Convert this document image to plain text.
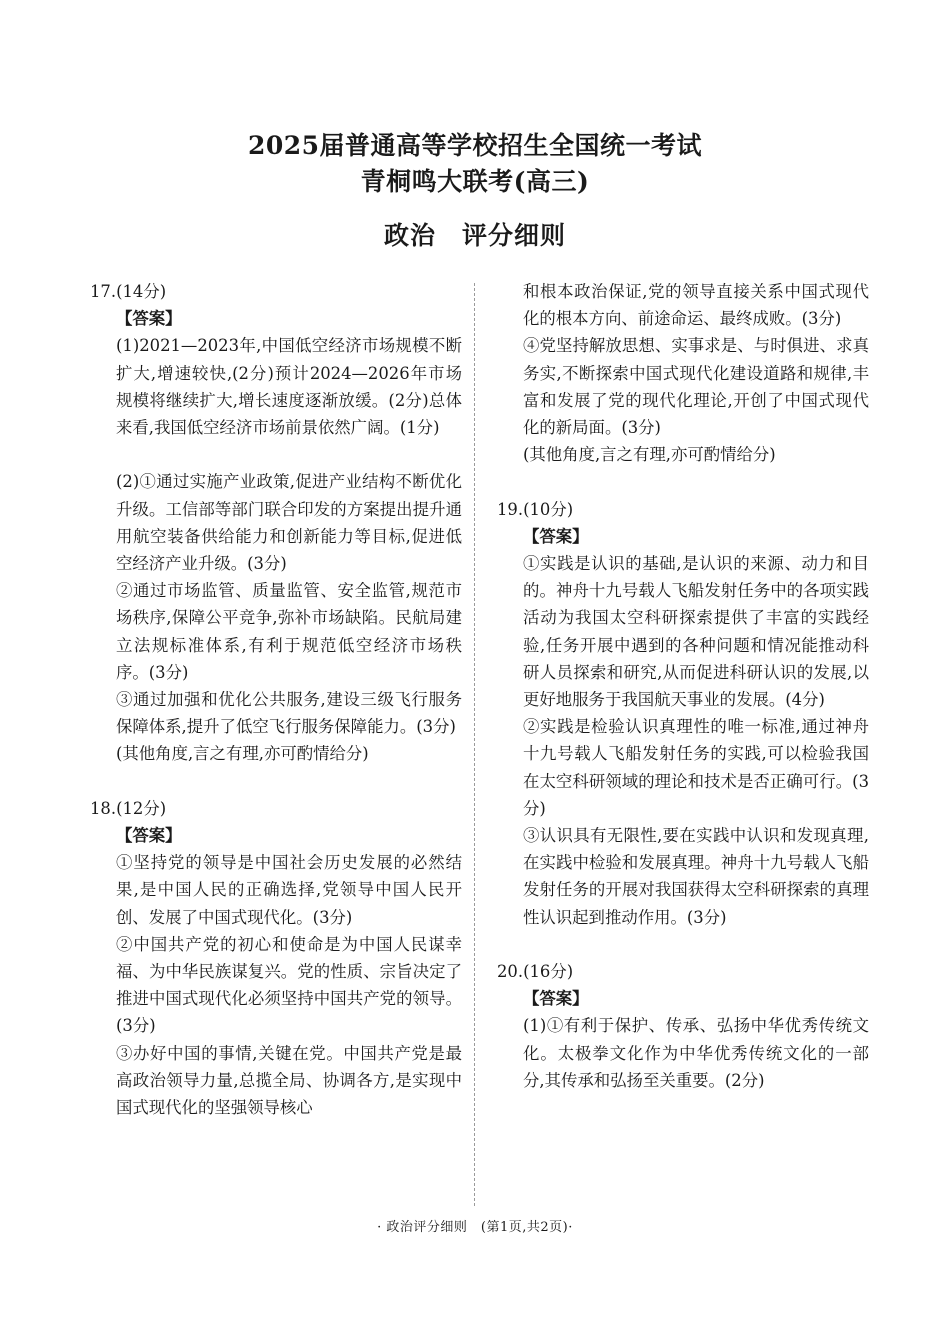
2025届普通高等学校招生全国统一考试
青桐鸣大联考(高三)
政治　评分细则

17.(14分)

【答案】

(1)2021—2023年,中国低空经济市场规模不断扩大,增速较快,(2分)预计2024—2026年市场规模将继续扩大,增长速度逐渐放缓。(2分)总体来看,我国低空经济市场前景依然广阔。(1分)

(2)①通过实施产业政策,促进产业结构不断优化升级。工信部等部门联合印发的方案提出提升通用航空装备供给能力和创新能力等目标,促进低空经济产业升级。(3分)

②通过市场监管、质量监管、安全监管,规范市场秩序,保障公平竞争,弥补市场缺陷。民航局建立法规标准体系,有利于规范低空经济市场秩序。(3分)

③通过加强和优化公共服务,建设三级飞行服务保障体系,提升了低空飞行服务保障能力。(3分)

(其他角度,言之有理,亦可酌情给分)

18.(12分)

【答案】

①坚持党的领导是中国社会历史发展的必然结果,是中国人民的正确选择,党领导中国人民开创、发展了中国式现代化。(3分)

②中国共产党的初心和使命是为中国人民谋幸福、为中华民族谋复兴。党的性质、宗旨决定了推进中国式现代化必须坚持中国共产党的领导。(3分)

③办好中国的事情,关键在党。中国共产党是最高政治领导力量,总揽全局、协调各方,是实现中国式现代化的坚强领导核心

和根本政治保证,党的领导直接关系中国式现代化的根本方向、前途命运、最终成败。(3分)

④党坚持解放思想、实事求是、与时俱进、求真务实,不断探索中国式现代化建设道路和规律,丰富和发展了党的现代化理论,开创了中国式现代化的新局面。(3分)

(其他角度,言之有理,亦可酌情给分)

19.(10分)

【答案】

①实践是认识的基础,是认识的来源、动力和目的。神舟十九号载人飞船发射任务中的各项实践活动为我国太空科研探索提供了丰富的实践经验,任务开展中遇到的各种问题和情况能推动科研人员探索和研究,从而促进科研认识的发展,以更好地服务于我国航天事业的发展。(4分)

②实践是检验认识真理性的唯一标准,通过神舟十九号载人飞船发射任务的实践,可以检验我国在太空科研领域的理论和技术是否正确可行。(3分)

③认识具有无限性,要在实践中认识和发现真理,在实践中检验和发展真理。神舟十九号载人飞船发射任务的开展对我国获得太空科研探索的真理性认识起到推动作用。(3分)

20.(16分)

【答案】

(1)①有利于保护、传承、弘扬中华优秀传统文化。太极拳文化作为中华优秀传统文化的一部分,其传承和弘扬至关重要。(2分)

· 政治评分细则　(第1页,共2页)·
